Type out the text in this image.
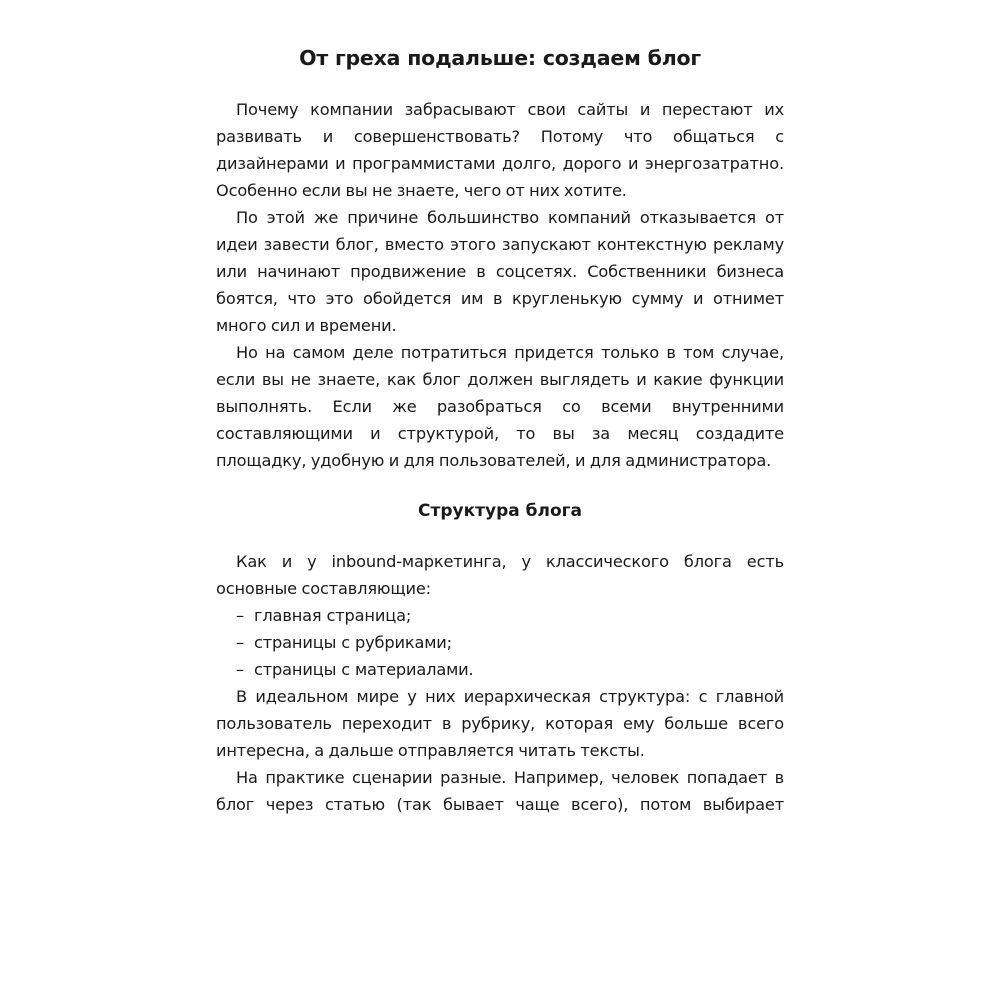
От греха подальше: создаем блог

Почему компании забрасывают свои сайты и перестают их развивать и совершенствовать? Потому что общаться с дизайнерами и программистами долго, дорого и энергозатратно. Особенно если вы не знаете, чего от них хотите.

По этой же причине большинство компаний отказывается от идеи завести блог, вместо этого запускают контекстную рекламу или начинают продвижение в соцсетях. Собственники бизнеса боятся, что это обойдется им в кругленькую сумму и отнимет много сил и времени.

Но на самом деле потратиться придется только в том случае, если вы не знаете, как блог должен выглядеть и какие функции выполнять. Если же разобраться со всеми внутренними составляющими и структурой, то вы за месяц создадите площадку, удобную и для пользователей, и для администратора.

Структура блога

Как и у inbound-маркетинга, у классического блога есть основные составляющие:

– главная страница;
– страницы с рубриками;
– страницы с материалами.

В идеальном мире у них иерархическая структура: с главной пользователь переходит в рубрику, которая ему больше всего интересна, а дальше отправляется читать тексты.

На практике сценарии разные. Например, человек попадает в блог через статью (так бывает чаще всего), потом выбирает
